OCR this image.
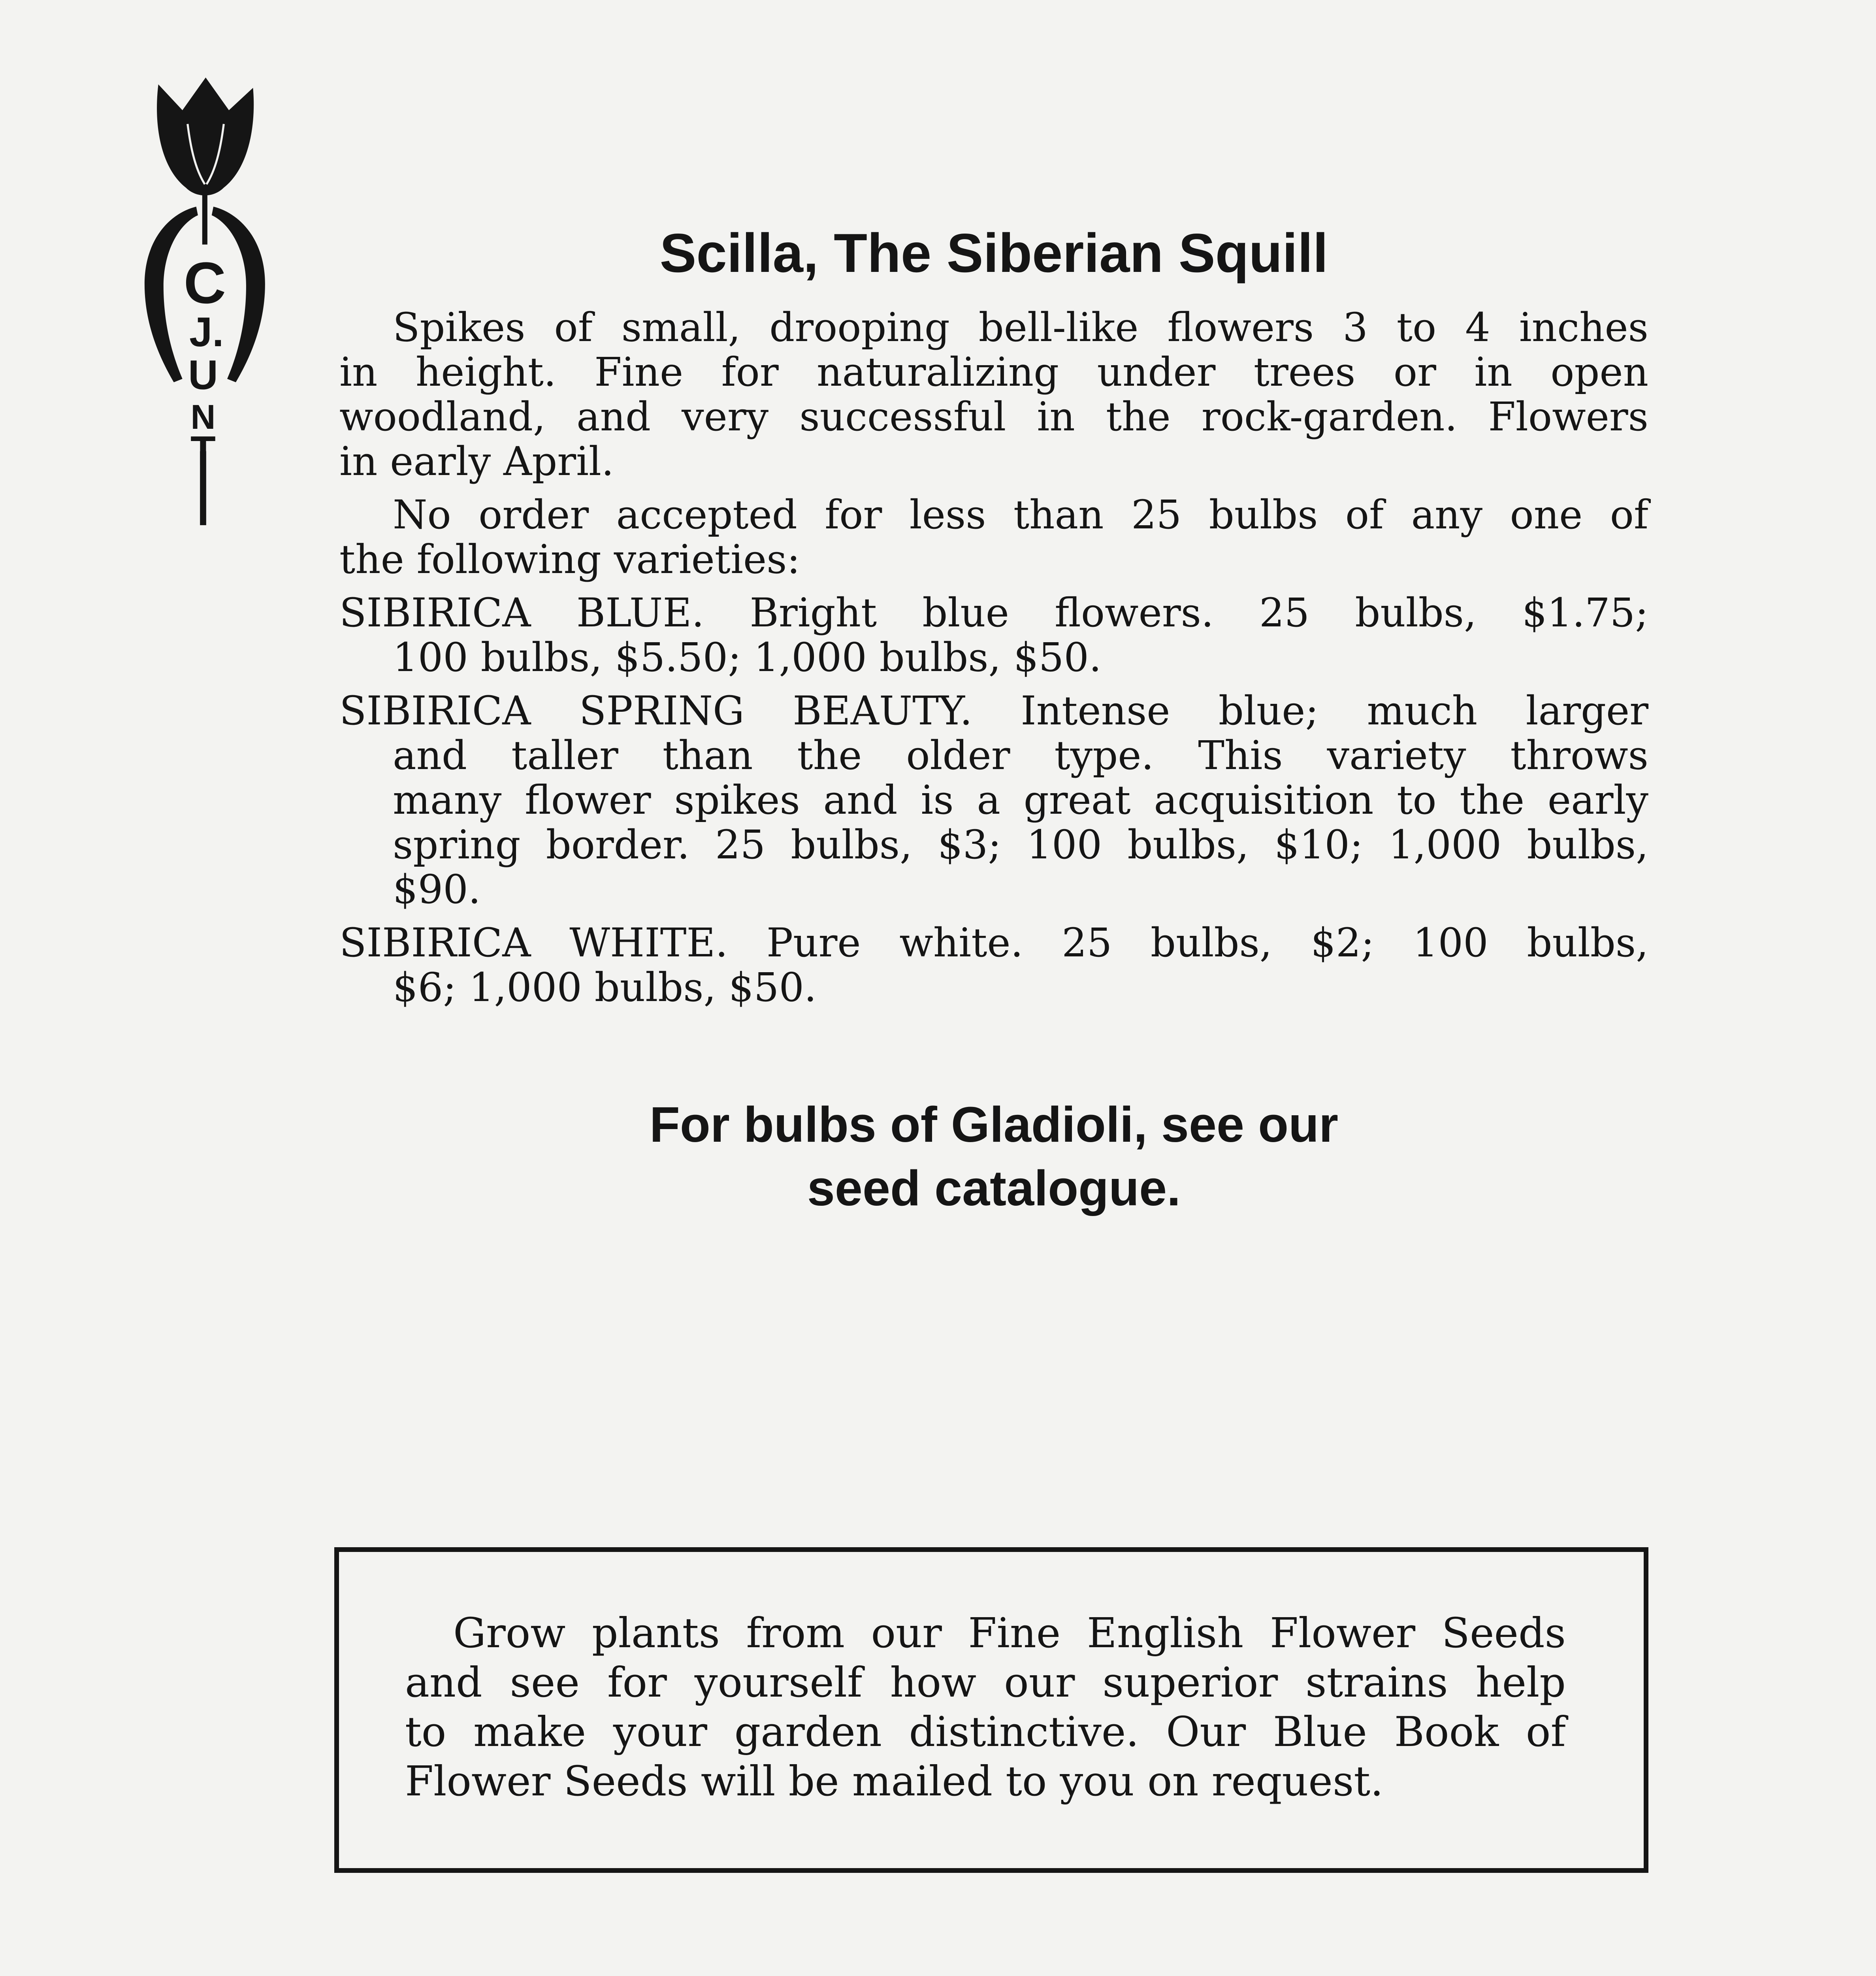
C
J.
U
N
T
Scilla, The Siberian Squill
Spikes of small, drooping bell-like flowers 3 to 4 inches
in height. Fine for naturalizing under trees or in open
woodland, and very successful in the rock-garden. Flowers
in early April.
No order accepted for less than 25 bulbs of any one of
the following varieties:
SIBIRICA BLUE. Bright blue flowers. 25 bulbs, $1.75;
100 bulbs, $5.50; 1,000 bulbs, $50.
SIBIRICA SPRING BEAUTY. Intense blue; much larger
and taller than the older type. This variety throws
many flower spikes and is a great acquisition to the early
spring border. 25 bulbs, $3; 100 bulbs, $10; 1,000 bulbs,
$90.
SIBIRICA WHITE. Pure white. 25 bulbs, $2; 100 bulbs,
$6; 1,000 bulbs, $50.
For bulbs of Gladioli, see our
seed catalogue.
Grow plants from our Fine English Flower Seeds
and see for yourself how our superior strains help
to make your garden distinctive. Our Blue Book of
Flower Seeds will be mailed to you on request.
